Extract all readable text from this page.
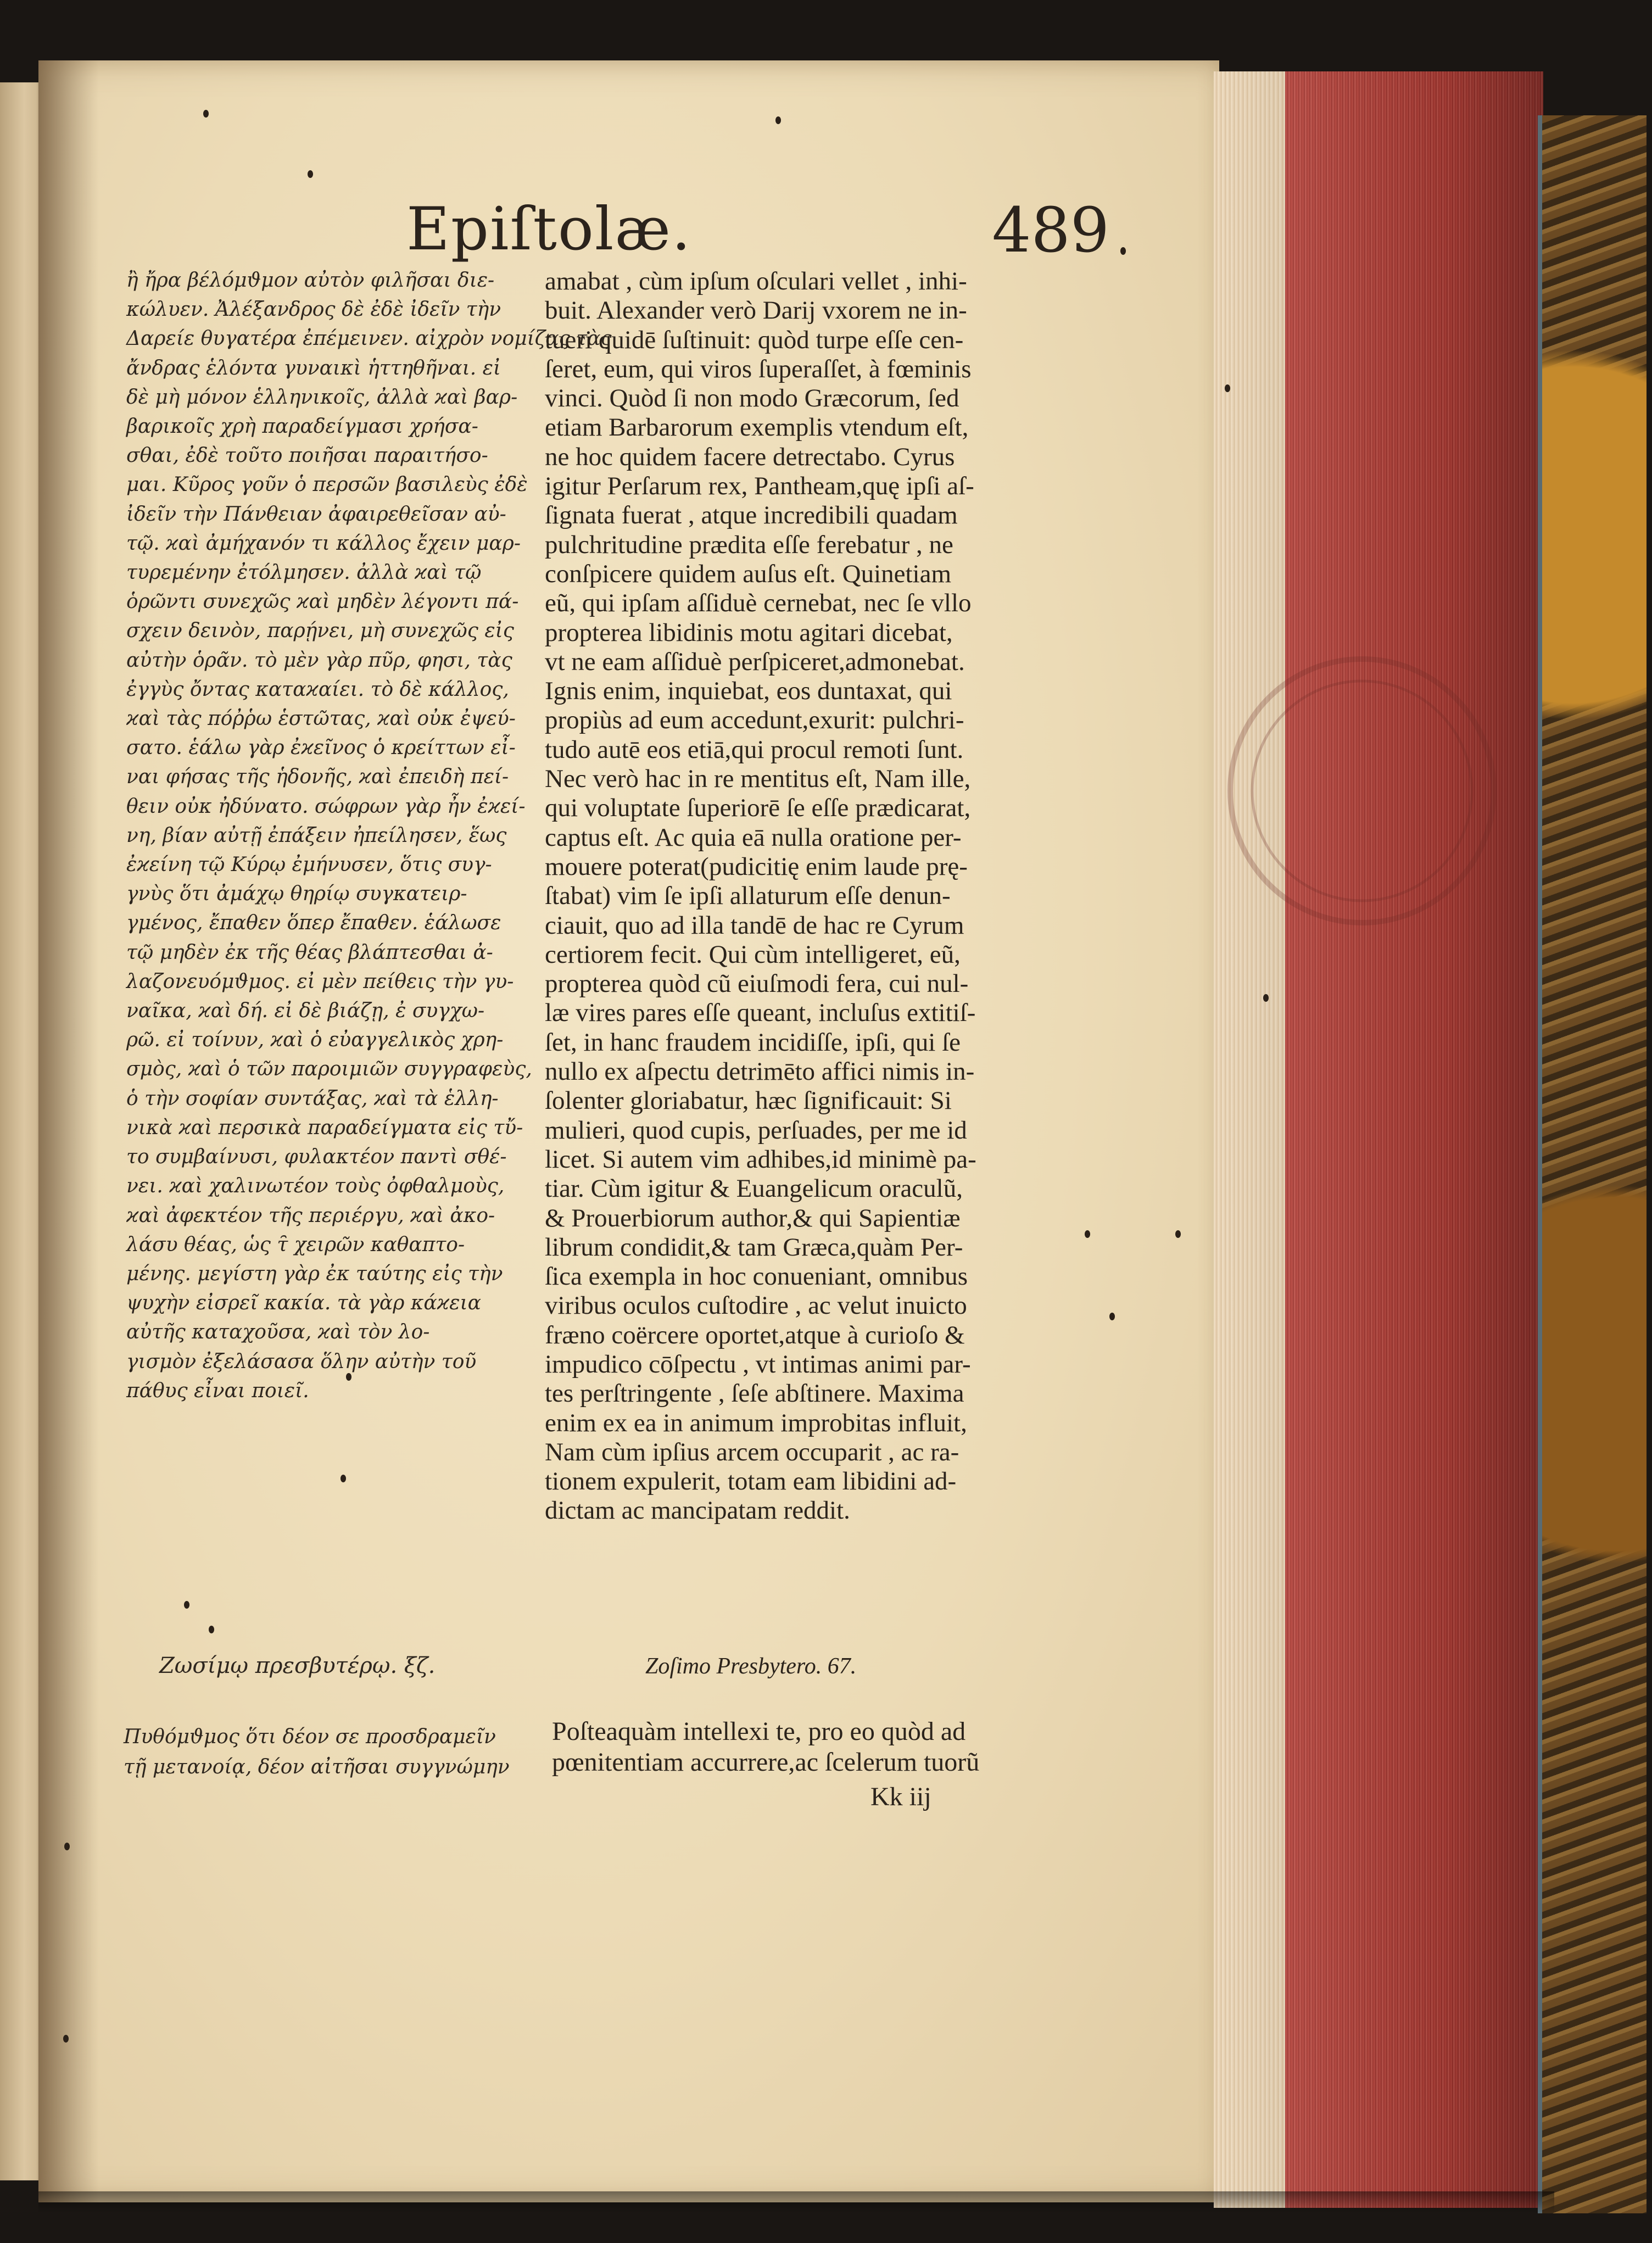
Epiſtolæ.	489
ἢ ἤρα βέλόμϑμον αὐτὸν φιλῆσαι διε-
κώλυεν. Ἀλέξανδρος δὲ ἐδὲ ἰδεῖν τὴν
Δαρείε θυγατέρα ἐπέμεινεν. αἰχρὸν νομίζας τὰς
ἄνδρας ἑλόντα γυναικὶ ἡττηθῆναι. εἰ
δὲ μὴ μόνον ἑλληνικοῖς, ἀλλὰ ϰαὶ βαρ-
βαρικοῖς χρὴ παραδείγμασι χρήσα-
σθαι, ἐδὲ τοῦτο ποιῆσαι παραιτήσο-
μαι. Κῦρος γοῦν ὁ περσῶν βασιλεὺς ἐδὲ
ἰδεῖν τὴν Πάνθειαν ἀφαιρεθεῖσαν αὐ-
τῷ. ϰαὶ ἀμήχανόν τι κάλλος ἔχειν μαρ-
τυρεμένην ἐτόλμησεν. ἀλλὰ ϰαὶ τῷ
ὁρῶντι συνεχῶς ϰαὶ μηδὲν λέγοντι πά-
σχειν δεινὸν, παρῄνει, μὴ συνεχῶς εἰς
αὐτὴν ὁρᾶν. τὸ μὲν γὰρ πῦρ, φησι, τὰς
ἐγγὺς ὄντας καταϰαίει. τὸ δὲ κάλλος,
ϰαὶ τὰς πόῤῥω ἑστῶτας, ϰαὶ οὐκ ἐψεύ-
σατο. ἑάλω γὰρ ἐϰεῖνος ὁ κρείττων εἶ-
ναι φήσας τῆς ἡδονῆς, ϰαὶ ἐπειδὴ πεί-
θειν οὐκ ἠδύνατο. σώφρων γὰρ ἦν ἐϰεί-
νη, βίαν αὐτῇ ἐπάξειν ἠπείλησεν, ἕως
ἐϰείνη τῷ Κύρῳ ἐμήνυσεν, ὅτις συγ-
γνὺς ὅτι ἀμάχῳ θηρίῳ συγκατειρ-
γμένος, ἔπαθεν ὅπερ ἔπαθεν. ἑάλωσε
τῷ μηδὲν ἐκ τῆς θέας βλάπτεσθαι ἀ-
λαζονευόμϑμος. εἰ μὲν πείθεις τὴν γυ-
ναῖκα, ϰαὶ δή. εἰ δὲ βιάζῃ, ἐ συγχω-
ρῶ. εἰ τοίνυν, ϰαὶ ὁ εὐαγγελικὸς χρη-
σμὸς, ϰαὶ ὁ τῶν παροιμιῶν συγγραφεὺς,
ὁ τὴν σοφίαν συντάξας, ϰαὶ τὰ ἑλλη-
νικὰ ϰαὶ περσικὰ παραδείγματα εἰς τὔ-
το συμβαίνυσι, φυλακτέον παντὶ σθέ-
νει. ϰαὶ χαλινωτέον τοὺς ὀφθαλμοὺς,
ϰαὶ ἀφεκτέον τῆς περιέργυ, ϰαὶ ἀκο-
λάσυ θέας, ὡς τ̑ χειρῶν καθαπτο-
μένης. μεγίστη γὰρ ἐκ ταύτης εἰς τὴν
ψυχὴν εἰσρεῖ κακία. τὰ γὰρ κάϰεια
αὐτῆς καταχοῦσα, ϰαὶ τὸν λο-
γισμὸν ἐξελάσασα ὅλην αὐτὴν τοῦ
πάθυς εἶναι ποιεῖ.
amabat , cùm ipſum oſculari vellet , inhi-
buit. Alexander verò Darij vxorem ne in-
tueri quidē ſuſtinuit: quòd turpe eſſe cen-
ſeret, eum, qui viros ſuperaſſet, à fœminis
vinci. Quòd ſi non modo Græcorum, ſed
etiam Barbarorum exemplis vtendum eſt,
ne hoc quidem facere detrectabo. Cyrus
igitur Perſarum rex, Pantheam,quę ipſi aſ-
ſignata fuerat , atque incredibili quadam
pulchritudine prædita eſſe ferebatur , ne
conſpicere quidem auſus eſt. Quinetiam
eũ, qui ipſam aſſiduè cernebat, nec ſe vllo
propterea libidinis motu agitari dicebat,
vt ne eam aſſiduè perſpiceret,admonebat.
Ignis enim, inquiebat, eos duntaxat, qui
propiùs ad eum accedunt,exurit: pulchri-
tudo autē eos etiā,qui procul remoti ſunt.
Nec verò hac in re mentitus eſt, Nam ille,
qui voluptate ſuperiorē ſe eſſe prædicarat,
captus eſt. Ac quia eā nulla oratione per-
mouere poterat(pudicitię enim laude prę-
ſtabat) vim ſe ipſi allaturum eſſe denun-
ciauit, quo ad illa tandē de hac re Cyrum
certiorem fecit. Qui cùm intelligeret, eũ,
propterea quòd cũ eiuſmodi fera, cui nul-
læ vires pares eſſe queant, incluſus extitiſ-
ſet, in hanc fraudem incidiſſe, ipſi, qui ſe
nullo ex aſpectu detrimēto affici nimis in-
ſolenter gloriabatur, hæc ſignificauit: Si
mulieri, quod cupis, perſuades, per me id
licet. Si autem vim adhibes,id minimè pa-
tiar. Cùm igitur & Euangelicum oraculũ,
& Prouerbiorum author,& qui Sapientiæ
librum condidit,& tam Græca,quàm Per-
ſica exempla in hoc conueniant, omnibus
viribus oculos cuſtodire , ac velut inuicto
fræno coërcere oportet,atque à curioſo &
impudico cōſpectu , vt intimas animi par-
tes perſtringente , ſeſe abſtinere. Maxima
enim ex ea in animum improbitas influit,
Nam cùm ipſius arcem occuparit , ac ra-
tionem expulerit, totam eam libidini ad-
dictam ac mancipatam reddit.
Ζωσίμῳ πρεσβυτέρῳ. ξζ.	Zoſimo Presbytero. 67.
Πυθόμϑμος ὅτι δέον σε προσδραμεῖν
τῇ μετανοίᾳ, δέον αἰτῆσαι συγγνώμην
Poſteaquàm intellexi te, pro eo quòd ad
pœnitentiam accurrere,ac ſcelerum tuorũ
Kk iij
